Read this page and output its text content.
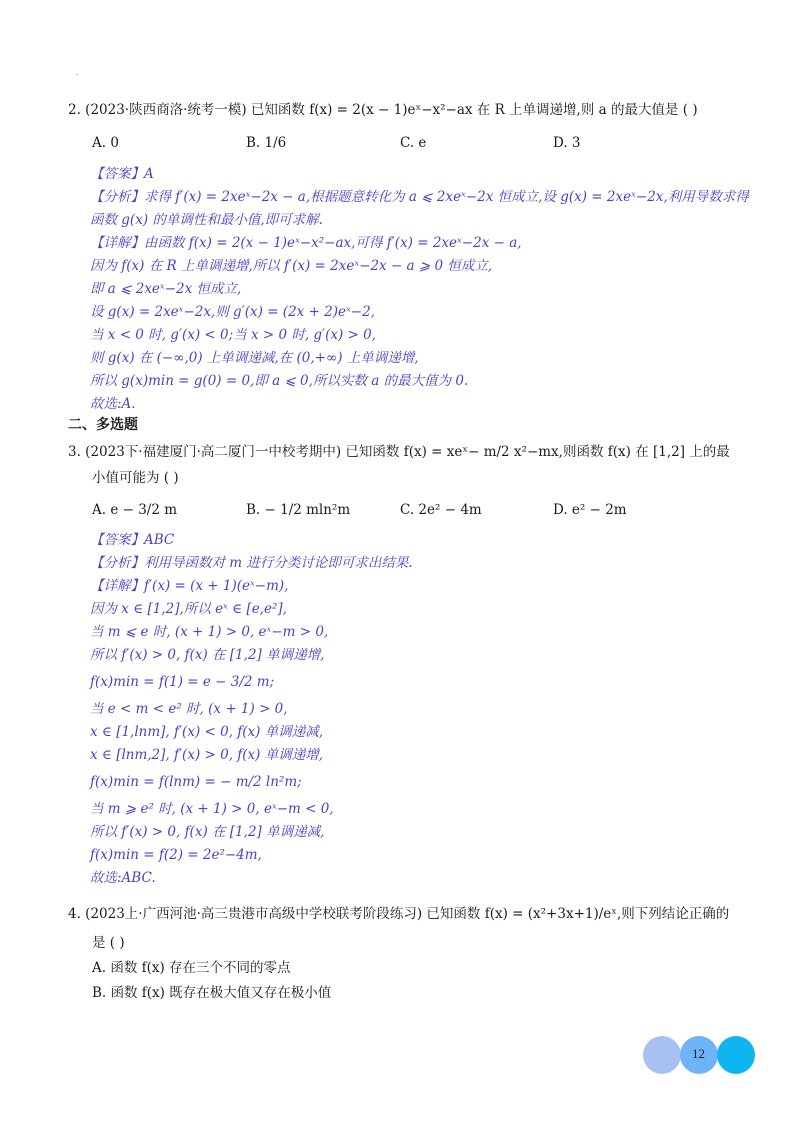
2. (2023·陕西商洛·统考一模) 已知函数 f(x) = 2(x − 1)eˣ−x²−ax 在 R 上单调递增,则 a 的最大值是 ( )
A. 0	B. 1/6	C. e	D. 3
【答案】A
【分析】求得 f′(x) = 2xeˣ−2x − a,根据题意转化为 a ⩽ 2xeˣ−2x 恒成立,设 g(x) = 2xeˣ−2x,利用导数求得
函数 g(x) 的单调性和最小值,即可求解.
【详解】由函数 f(x) = 2(x − 1)eˣ−x²−ax,可得 f′(x) = 2xeˣ−2x − a,
因为 f(x) 在 R 上单调递增,所以 f′(x) = 2xeˣ−2x − a ⩾ 0 恒成立,
即 a ⩽ 2xeˣ−2x 恒成立,
设 g(x) = 2xeˣ−2x,则 g′(x) = (2x + 2)eˣ−2,
当 x < 0 时, g′(x) < 0;当 x > 0 时, g′(x) > 0,
则 g(x) 在 (−∞,0) 上单调递减,在 (0,+∞) 上单调递增,
所以 g(x)min = g(0) = 0,即 a ⩽ 0,所以实数 a 的最大值为 0.
故选:A.
二、多选题
3. (2023下·福建厦门·高二厦门一中校考期中) 已知函数 f(x) = xeˣ− m/2 x²−mx,则函数 f(x) 在 [1,2] 上的最
小值可能为 ( )
A. e − 3/2 m	B. − 1/2 mln²m	C. 2e² − 4m	D. e² − 2m
【答案】ABC
【分析】利用导函数对 m 进行分类讨论即可求出结果.
【详解】f′(x) = (x + 1)(eˣ−m),
因为 x ∈ [1,2],所以 eˣ ∈ [e,e²],
当 m ⩽ e 时, (x + 1) > 0, eˣ−m > 0,
所以 f′(x) > 0, f(x) 在 [1,2] 单调递增,
f(x)min = f(1) = e − 3/2 m;
当 e < m < e² 时, (x + 1) > 0,
x ∈ [1,lnm], f′(x) < 0, f(x) 单调递减,
x ∈ [lnm,2], f′(x) > 0, f(x) 单调递增,
f(x)min = f(lnm) = − m/2 ln²m;
当 m ⩾ e² 时, (x + 1) > 0, eˣ−m < 0,
所以 f′(x) > 0, f(x) 在 [1,2] 单调递减,
f(x)min = f(2) = 2e²−4m,
故选:ABC.
4. (2023上·广西河池·高三贵港市高级中学校联考阶段练习) 已知函数 f(x) = (x²+3x+1)/eˣ,则下列结论正确的
是 ( )
A. 函数 f(x) 存在三个不同的零点
B. 函数 f(x) 既存在极大值又存在极小值
12
